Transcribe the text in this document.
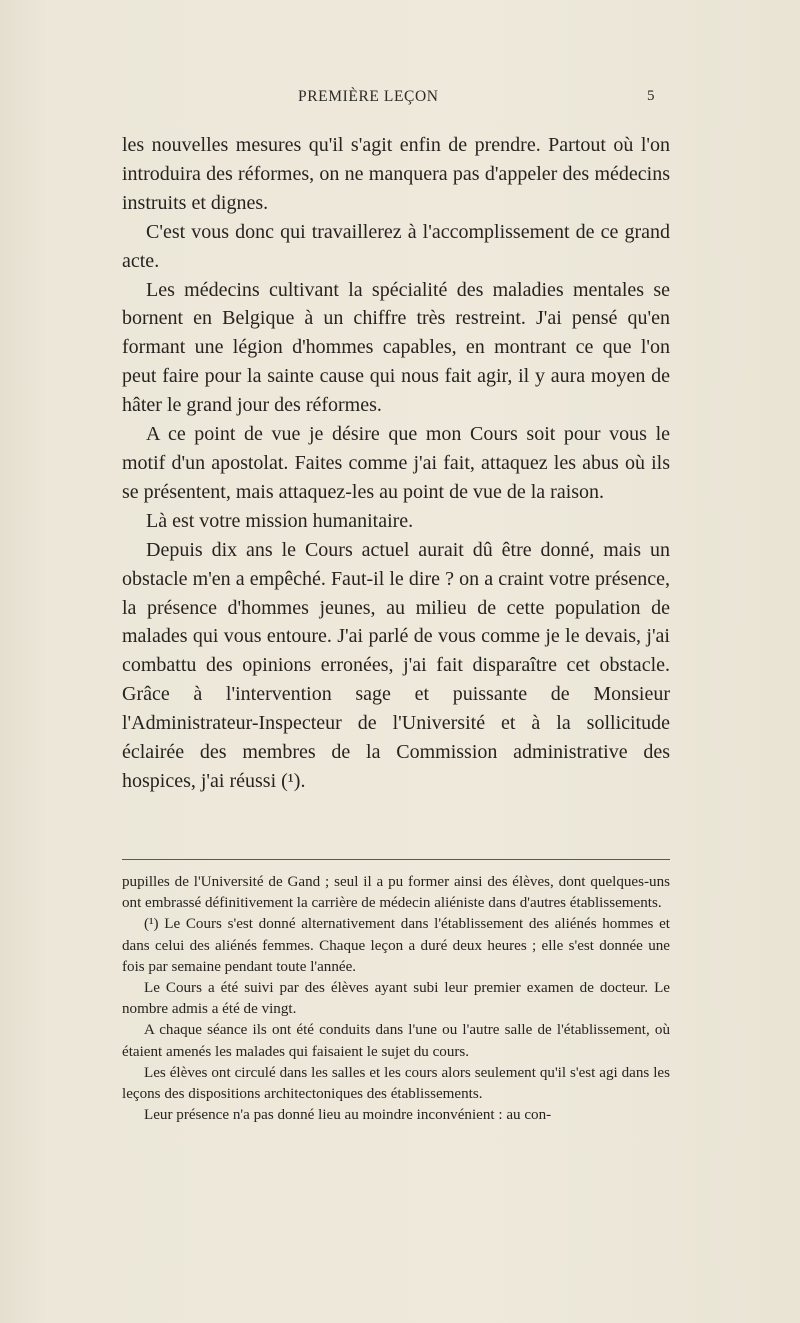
PREMIÈRE LEÇON	5

les nouvelles mesures qu'il s'agit enfin de prendre. Partout où l'on introduira des réformes, on ne manquera pas d'appeler des médecins instruits et dignes.

C'est vous donc qui travaillerez à l'accomplissement de ce grand acte.

Les médecins cultivant la spécialité des maladies mentales se bornent en Belgique à un chiffre très restreint. J'ai pensé qu'en formant une légion d'hommes capables, en montrant ce que l'on peut faire pour la sainte cause qui nous fait agir, il y aura moyen de hâter le grand jour des réformes.

A ce point de vue je désire que mon Cours soit pour vous le motif d'un apostolat. Faites comme j'ai fait, attaquez les abus où ils se présentent, mais attaquez-les au point de vue de la raison.

Là est votre mission humanitaire.

Depuis dix ans le Cours actuel aurait dû être donné, mais un obstacle m'en a empêché. Faut-il le dire ? on a craint votre présence, la présence d'hommes jeunes, au milieu de cette population de malades qui vous entoure. J'ai parlé de vous comme je le devais, j'ai combattu des opinions erronées, j'ai fait disparaître cet obstacle. Grâce à l'intervention sage et puissante de Monsieur l'Administrateur-Inspecteur de l'Université et à la sollicitude éclairée des membres de la Commission administrative des hospices, j'ai réussi (¹).

pupilles de l'Université de Gand ; seul il a pu former ainsi des élèves, dont quelques-uns ont embrassé définitivement la carrière de médecin aliéniste dans d'autres établissements.

(¹) Le Cours s'est donné alternativement dans l'établissement des aliénés hommes et dans celui des aliénés femmes. Chaque leçon a duré deux heures ; elle s'est donnée une fois par semaine pendant toute l'année.

Le Cours a été suivi par des élèves ayant subi leur premier examen de docteur. Le nombre admis a été de vingt.

A chaque séance ils ont été conduits dans l'une ou l'autre salle de l'établissement, où étaient amenés les malades qui faisaient le sujet du cours.

Les élèves ont circulé dans les salles et les cours alors seulement qu'il s'est agi dans les leçons des dispositions architectoniques des établissements.

Leur présence n'a pas donné lieu au moindre inconvénient : au con-
